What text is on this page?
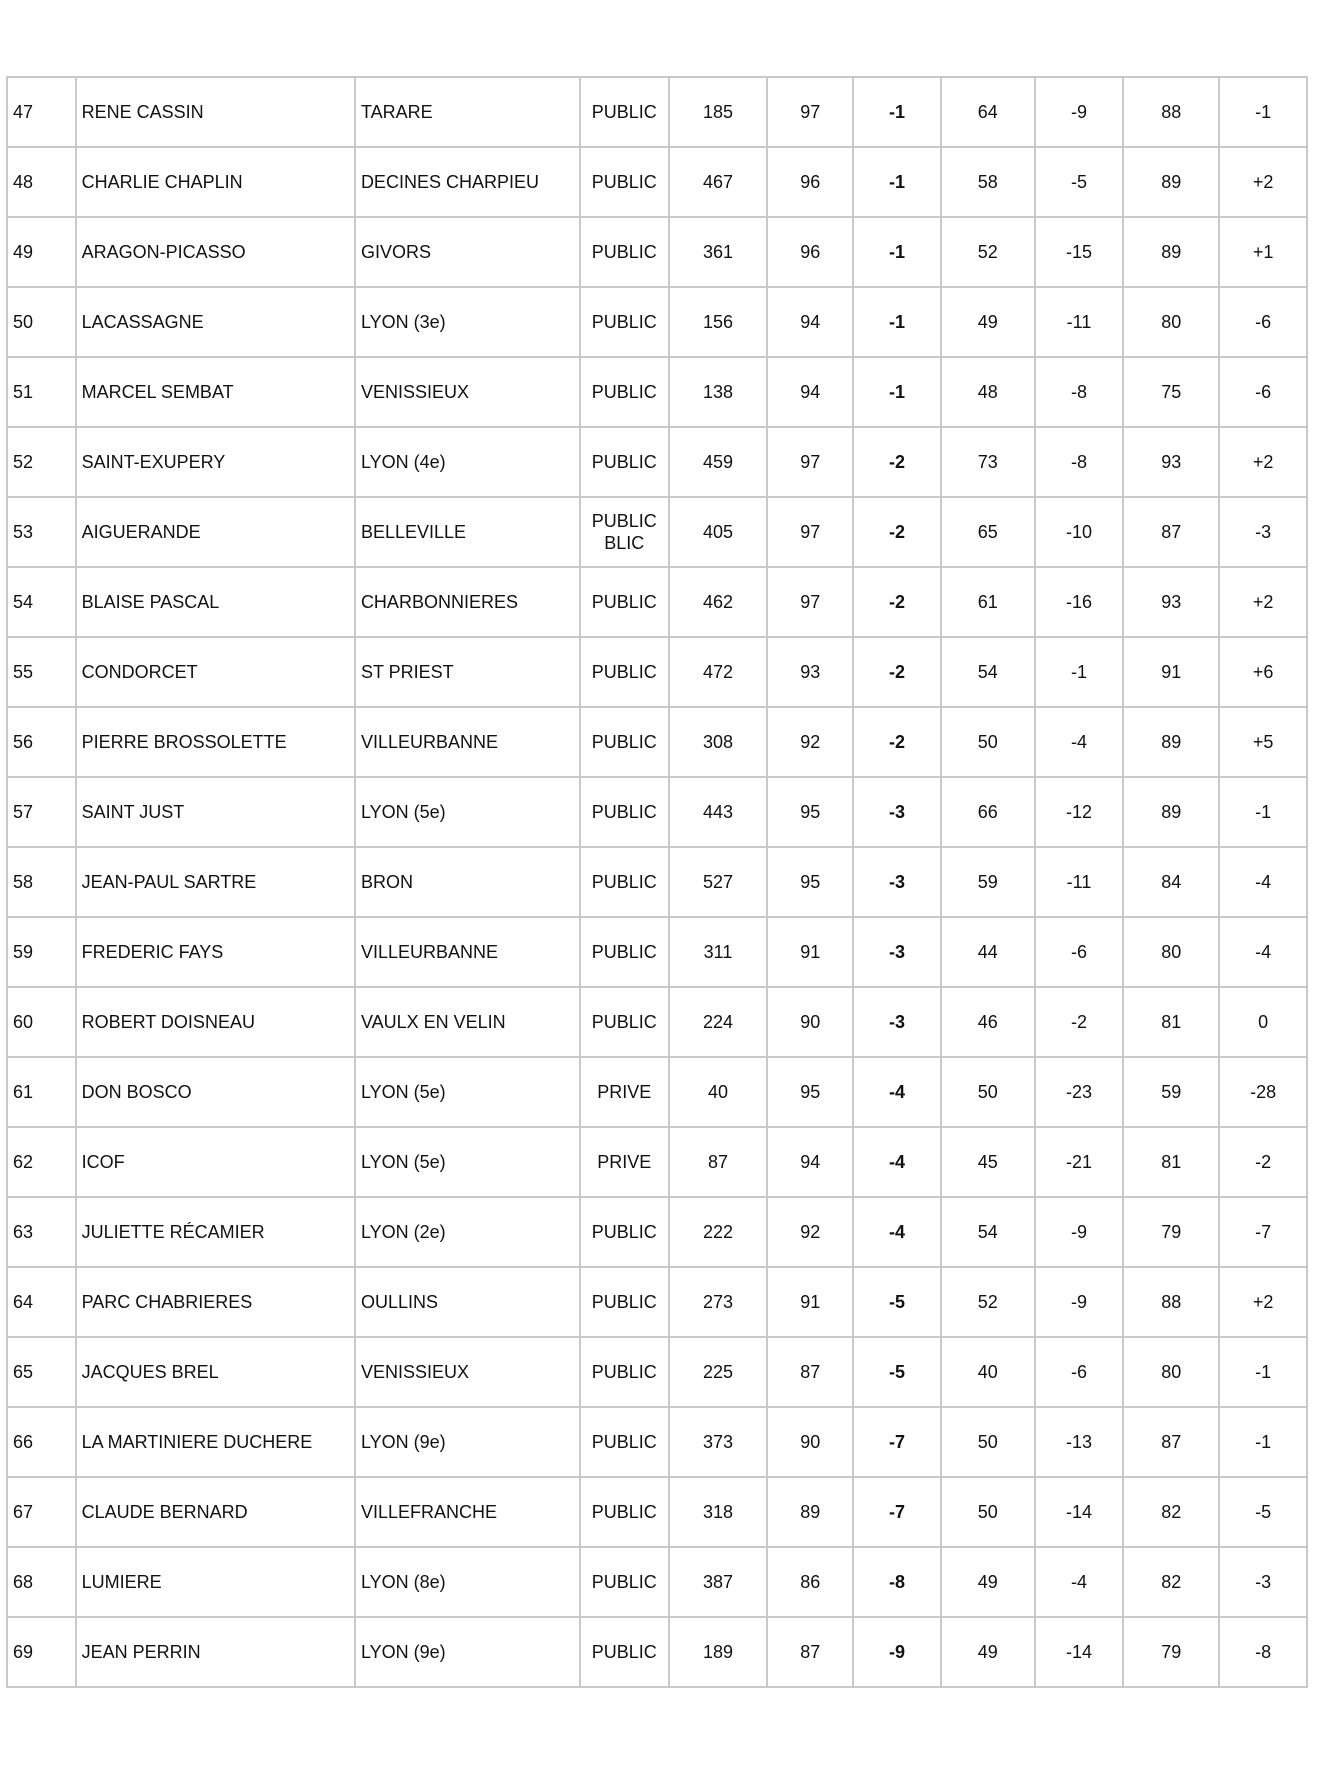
47	RENE CASSIN	TARARE	PUBLIC	185	97	-1	64	-9	88	-1
48	CHARLIE CHAPLIN	DECINES CHARPIEU	PUBLIC	467	96	-1	58	-5	89	+2
49	ARAGON-PICASSO	GIVORS	PUBLIC	361	96	-1	52	-15	89	+1
50	LACASSAGNE	LYON (3e)	PUBLIC	156	94	-1	49	-11	80	-6
51	MARCEL SEMBAT	VENISSIEUX	PUBLIC	138	94	-1	48	-8	75	-6
52	SAINT-EXUPERY	LYON (4e)	PUBLIC	459	97	-2	73	-8	93	+2
53	AIGUERANDE	BELLEVILLE	PUBLIC BLIC	405	97	-2	65	-10	87	-3
54	BLAISE PASCAL	CHARBONNIERES	PUBLIC	462	97	-2	61	-16	93	+2
55	CONDORCET	ST PRIEST	PUBLIC	472	93	-2	54	-1	91	+6
56	PIERRE BROSSOLETTE	VILLEURBANNE	PUBLIC	308	92	-2	50	-4	89	+5
57	SAINT JUST	LYON (5e)	PUBLIC	443	95	-3	66	-12	89	-1
58	JEAN-PAUL SARTRE	BRON	PUBLIC	527	95	-3	59	-11	84	-4
59	FREDERIC FAYS	VILLEURBANNE	PUBLIC	311	91	-3	44	-6	80	-4
60	ROBERT DOISNEAU	VAULX EN VELIN	PUBLIC	224	90	-3	46	-2	81	0
61	DON BOSCO	LYON (5e)	PRIVE	40	95	-4	50	-23	59	-28
62	ICOF	LYON (5e)	PRIVE	87	94	-4	45	-21	81	-2
63	JULIETTE RÉCAMIER	LYON (2e)	PUBLIC	222	92	-4	54	-9	79	-7
64	PARC CHABRIERES	OULLINS	PUBLIC	273	91	-5	52	-9	88	+2
65	JACQUES BREL	VENISSIEUX	PUBLIC	225	87	-5	40	-6	80	-1
66	LA MARTINIERE DUCHERE	LYON (9e)	PUBLIC	373	90	-7	50	-13	87	-1
67	CLAUDE BERNARD	VILLEFRANCHE	PUBLIC	318	89	-7	50	-14	82	-5
68	LUMIERE	LYON (8e)	PUBLIC	387	86	-8	49	-4	82	-3
69	JEAN PERRIN	LYON (9e)	PUBLIC	189	87	-9	49	-14	79	-8
